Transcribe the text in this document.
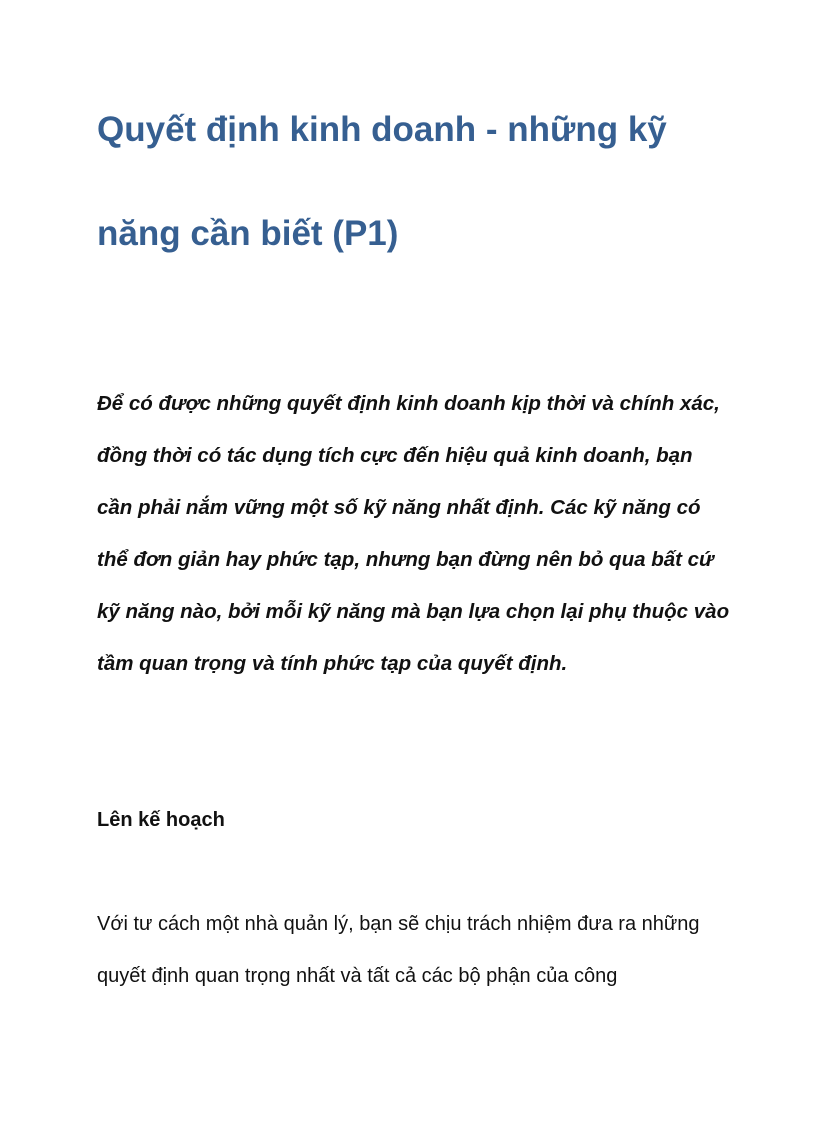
Quyết định kinh doanh - những kỹ năng cần biết (P1)

Để có được những quyết định kinh doanh kịp thời và chính xác, đồng thời có tác dụng tích cực đến hiệu quả kinh doanh, bạn cần phải nắm vững một số kỹ năng nhất định. Các kỹ năng có thể đơn giản hay phức tạp, nhưng bạn đừng nên bỏ qua bất cứ kỹ năng nào, bởi mỗi kỹ năng mà bạn lựa chọn lại phụ thuộc vào tầm quan trọng và tính phức tạp của quyết định.

Lên kế hoạch

Với tư cách một nhà quản lý, bạn sẽ chịu trách nhiệm đưa ra những quyết định quan trọng nhất và tất cả các bộ phận của công
